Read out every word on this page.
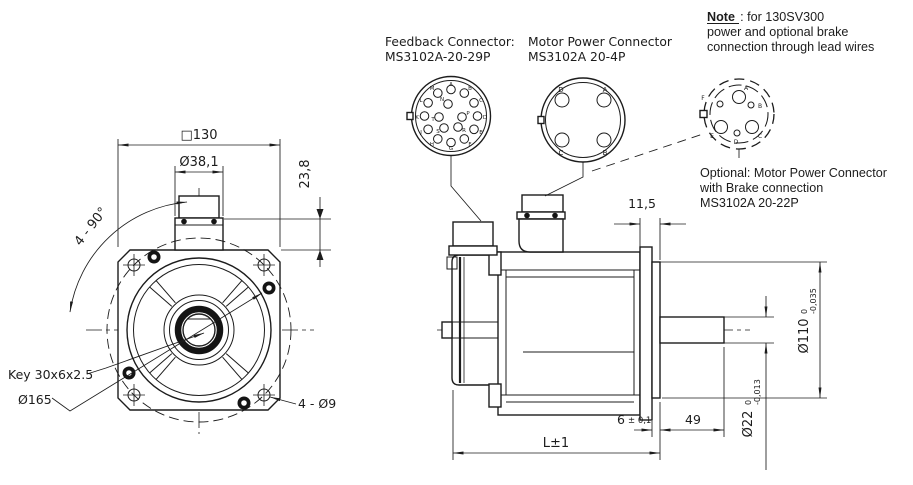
□130
Ø38,1	23,8
4 - 90°
Key 30x6x2.5
Ø165	4 - Ø9
11,5
Ø110
0 -0,035
Ø22
0 -0,013
6 ± 0,1	49
L±1
Feedback Connector:
MS3102A-20-29P
A
B
C
D
E
F
G
H
J
K
L
M
N
T
P
S	R
Motor Power Connector
MS3102A 20-4P
D	A
C	B
A
B
C
D
E
F
Optional: Motor Power Connector
with Brake connection
MS3102A 20-22P
Note : for 130SV300
power and optional brake
connection through lead wires
